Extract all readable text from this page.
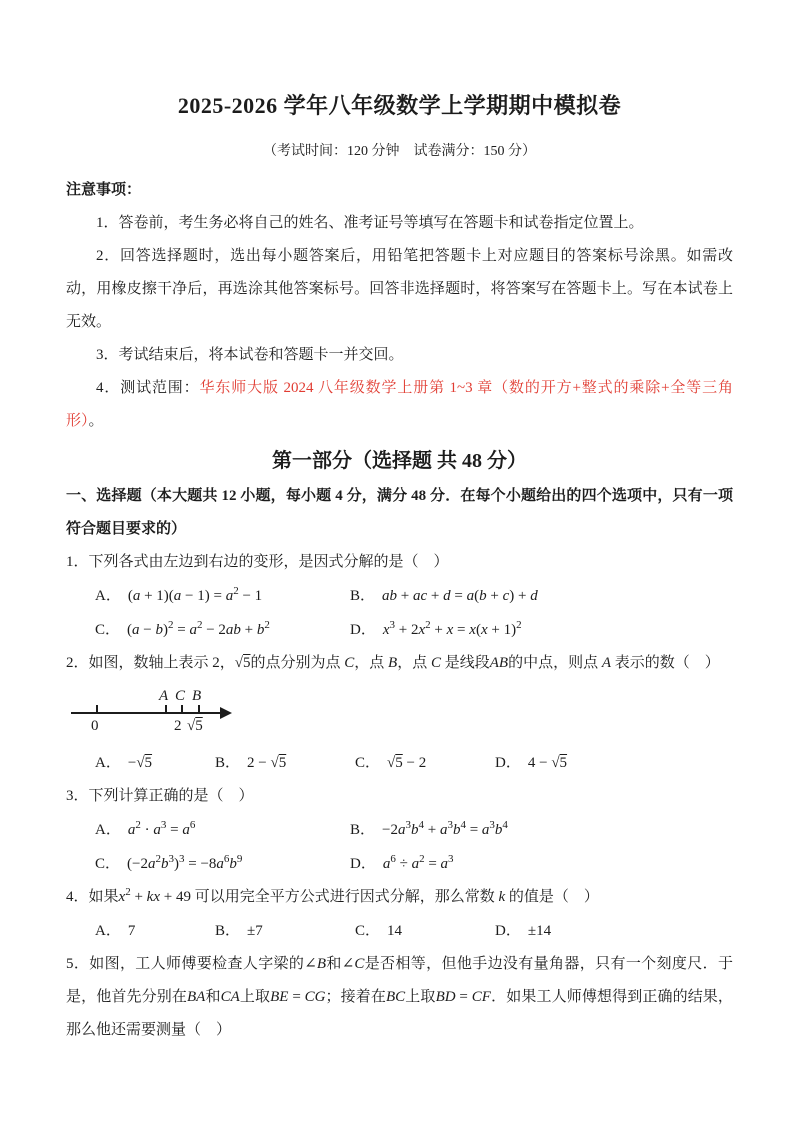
2025-2026 学年八年级数学上学期期中模拟卷

（考试时间：120 分钟　试卷满分：150 分）

注意事项：

1．答卷前，考生务必将自己的姓名、准考证号等填写在答题卡和试卷指定位置上。

2．回答选择题时，选出每小题答案后，用铅笔把答题卡上对应题目的答案标号涂黑。如需改动，用橡皮擦干净后，再选涂其他答案标号。回答非选择题时，将答案写在答题卡上。写在本试卷上无效。

3．考试结束后，将本试卷和答题卡一并交回。

4．测试范围：华东师大版 2024 八年级数学上册第 1~3 章（数的开方+整式的乘除+全等三角形）。

第一部分（选择题 共 48 分）

一、选择题（本大题共 12 小题，每小题 4 分，满分 48 分．在每个小题给出的四个选项中，只有一项符合题目要求的）

1．下列各式由左边到右边的变形，是因式分解的是（　）

A． $(a + 1)(a - 1) = a^2 - 1$	B． ab + ac + d = a(b + c) + d
C． $(a - b)^2 = a^2 - 2ab + b^2$	D． $x^3 + 2x^2 + x = x(x + 1)^2$

2．如图，数轴上表示 2，√5的点分别为点 C，点 B，点 C 是线段AB的中点，则点 A 表示的数（　）

A C B
0	2 √5
A． −√5	B． 2 − √5	C． √5 − 2	D． 4 − √5

3．下列计算正确的是（　）

A． $a^2 \cdot a^3 = a^6$	B． $-2a^3b^4 + a^3b^4 = a^3b^4$
C． $(-2a^2b^3)^3 = -8a^6b^9$	D． $a^6 \div a^2 = a^3$

4．如果$x^2$ + kx + 49 可以用完全平方公式进行因式分解，那么常数 k 的值是（　）

A． 7	B． ±7	C． 14	D． ±14

5．如图，工人师傅要检查人字梁的∠B和∠C是否相等，但他手边没有量角器，只有一个刻度尺．于是，他首先分别在BA和CA上取BE = CG；接着在BC上取BD = CF．如果工人师傅想得到正确的结果，那么他还需要测量（　）
